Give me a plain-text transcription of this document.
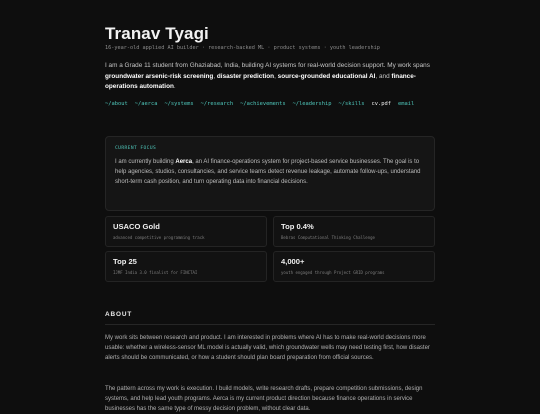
Tranav Tyagi
16-year-old applied AI builder · research-backed ML · product systems · youth leadership

I am a Grade 11 student from Ghaziabad, India, building AI systems for real-world decision support. My work spans groundwater arsenic-risk screening, disaster prediction, source-grounded educational AI, and finance-operations automation.

~/about ~/aerca ~/systems ~/research ~/achievements ~/leadership ~/skills cv.pdf email
CURRENT FOCUS

I am currently building Aerca, an AI finance-operations system for project-based service businesses. The goal is to help agencies, studios, consultancies, and service teams detect revenue leakage, automate follow-ups, understand short-term cash position, and turn operating data into financial decisions.

USACO Gold
advanced competitive programming track
Top 0.4%
Bebras Computational Thinking Challenge
Top 25
IJMF India 3.0 finalist for FINCTAI
4,000+
youth engaged through Project GRID programs
ABOUT

My work sits between research and product. I am interested in problems where AI has to make real-world decisions more usable: whether a wireless-sensor ML model is actually valid, which groundwater wells may need testing first, how disaster alerts should be communicated, or how a student should plan board preparation from official sources.

The pattern across my work is execution. I build models, write research drafts, prepare competition submissions, design systems, and help lead youth programs. Aerca is my current product direction because finance operations in service businesses has the same type of messy decision problem, without clear data.
